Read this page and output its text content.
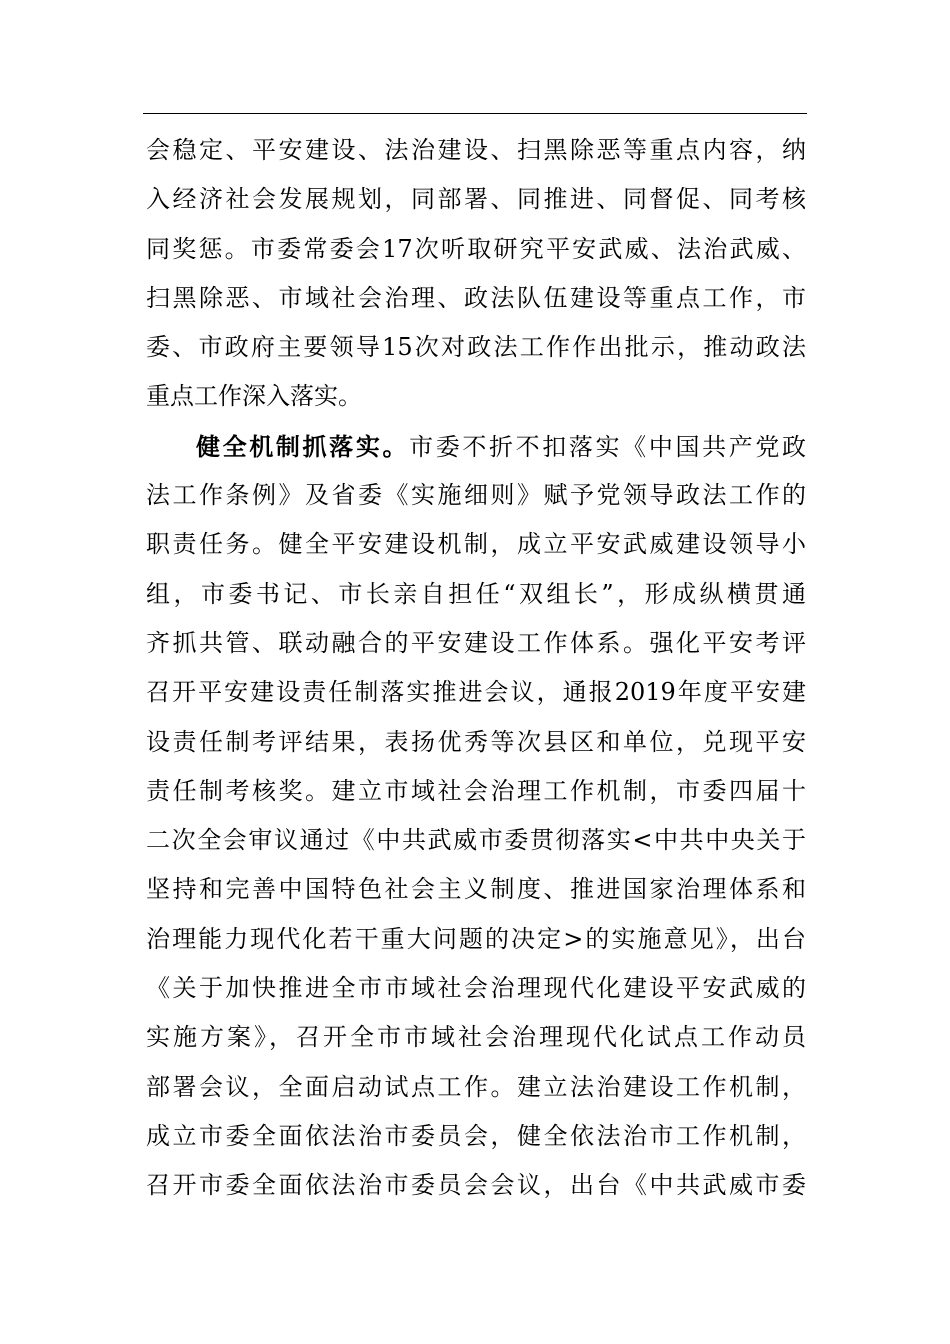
会稳定、平安建设、法治建设、扫黑除恶等重点内容，纳
入经济社会发展规划，同部署、同推进、同督促、同考核
同奖惩。市委常委会17次听取研究平安武威、法治武威、
扫黑除恶、市域社会治理、政法队伍建设等重点工作，市
委、市政府主要领导15次对政法工作作出批示，推动政法
重点工作深入落实。
健全机制抓落实。市委不折不扣落实《中国共产党政
法工作条例》及省委《实施细则》赋予党领导政法工作的
职责任务。健全平安建设机制，成立平安武威建设领导小
组，市委书记、市长亲自担任“双组长”，形成纵横贯通
齐抓共管、联动融合的平安建设工作体系。强化平安考评
召开平安建设责任制落实推进会议，通报2019年度平安建
设责任制考评结果，表扬优秀等次县区和单位，兑现平安
责任制考核奖。建立市域社会治理工作机制，市委四届十
二次全会审议通过《中共武威市委贯彻落实<中共中央关于
坚持和完善中国特色社会主义制度、推进国家治理体系和
治理能力现代化若干重大问题的决定>的实施意见》，出台
《关于加快推进全市市域社会治理现代化建设平安武威的
实施方案》，召开全市市域社会治理现代化试点工作动员
部署会议，全面启动试点工作。建立法治建设工作机制，
成立市委全面依法治市委员会，健全依法治市工作机制，
召开市委全面依法治市委员会会议，出台《中共武威市委
